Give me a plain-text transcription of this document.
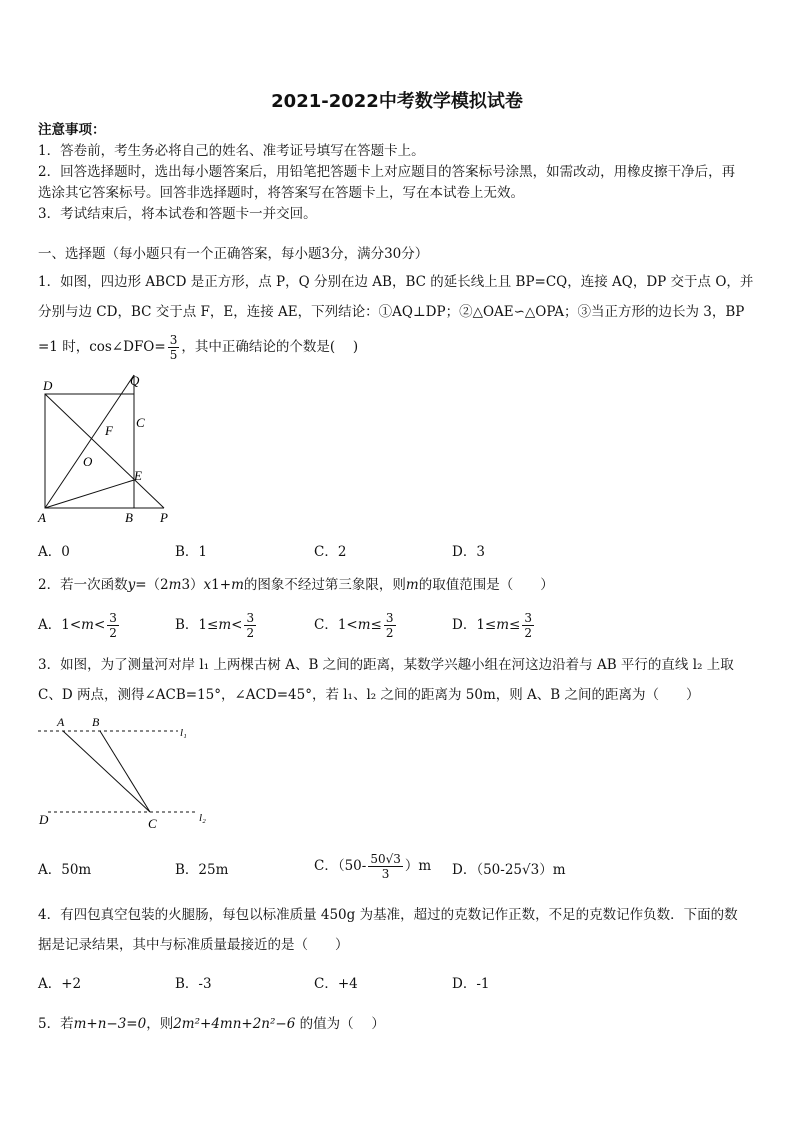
2021-2022中考数学模拟试卷
注意事项：
1．答卷前，考生务必将自己的姓名、准考证号填写在答题卡上。
2．回答选择题时，选出每小题答案后，用铅笔把答题卡上对应题目的答案标号涂黑，如需改动，用橡皮擦干净后，再
选涂其它答案标号。回答非选择题时，将答案写在答题卡上，写在本试卷上无效。
3．考试结束后，将本试卷和答题卡一并交回。
一、选择题（每小题只有一个正确答案，每小题3分，满分30分）
1．如图，四边形 ABCD 是正方形，点 P，Q 分别在边 AB，BC 的延长线上且 BP=CQ，连接 AQ，DP 交于点 O，并
分别与边 CD，BC 交于点 F，E，连接 AE，下列结论：①AQ⊥DP；②△OAE∽△OPA；③当正方形的边长为 3，BP
=1 时，cos∠DFO= $\frac{3}{5}$ ，其中正确结论的个数是(　 )
Q
D
C
F
O
E
A	B P
A．0	B．1	C．2	D．3
2．若一次函数y=（2m3）x1+m的图象不经过第三象限，则m的取值范围是（　　）
A．$1<m< \frac{3}{2}$	B．$1\le m< \frac{3}{2}$	C．$1<m\le \frac{3}{2}$	D．$1\le m\le \frac{3}{2}$
3．如图，为了测量河对岸 l₁ 上两棵古树 A、B 之间的距离，某数学兴趣小组在河这边沿着与 AB 平行的直线 l₂ 上取
C、D 两点，测得∠ACB=15°，∠ACD=45°，若 l₁、l₂ 之间的距离为 50m，则 A、B 之间的距离为（　　）
A B
l₁
D	C	l₂
A．50m	B．25m	C．$(50- \frac{50√3}{3} )m$ D．（50-25√3）m
4．有四包真空包装的火腿肠，每包以标准质量 450g 为基准，超过的克数记作正数，不足的克数记作负数．下面的数
据是记录结果，其中与标准质量最接近的是（　　）
A．+2	B．-3	C．+4	D．-1
5．若m+n−3=0，则2m²+4mn+2n²−6 的值为（　 ）
